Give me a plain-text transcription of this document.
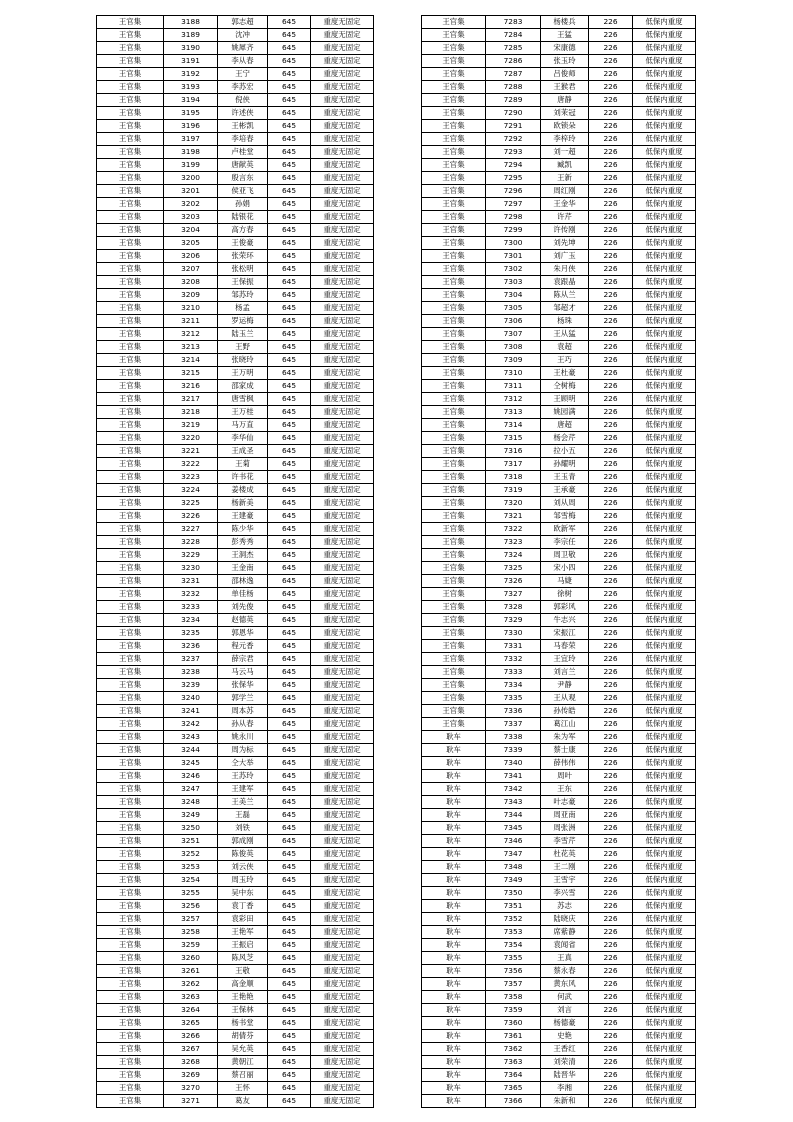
王官集	3188	郭志超	645	重度无固定
王官集	3189	沈冲	645	重度无固定
王官集	3190	姚犀齐	645	重度无固定
王官集	3191	李从春	645	重度无固定
王官集	3192	王宁	645	重度无固定
王官集	3193	李苏宏	645	重度无固定
王官集	3194	倪侠	645	重度无固定
王官集	3195	许述侠	645	重度无固定
王官集	3196	王彬凯	645	重度无固定
王官集	3197	李培春	645	重度无固定
王官集	3198	卢桂堂	645	重度无固定
王官集	3199	唐献英	645	重度无固定
王官集	3200	殷言东	645	重度无固定
王官集	3201	侯亚飞	645	重度无固定
王官集	3202	孙娟	645	重度无固定
王官集	3203	陆银花	645	重度无固定
王官集	3204	高方春	645	重度无固定
王官集	3205	王俊豪	645	重度无固定
王官集	3206	张荣环	645	重度无固定
王官集	3207	张松明	645	重度无固定
王官集	3208	王保振	645	重度无固定
王官集	3209	邹苏玲	645	重度无固定
王官集	3210	杨孟	645	重度无固定
王官集	3211	罗运梅	645	重度无固定
王官集	3212	陆玉兰	645	重度无固定
王官集	3213	王野	645	重度无固定
王官集	3214	张晓玲	645	重度无固定
王官集	3215	王万明	645	重度无固定
王官集	3216	邵家成	645	重度无固定
王官集	3217	唐雪枫	645	重度无固定
王官集	3218	王万桂	645	重度无固定
王官集	3219	马万直	645	重度无固定
王官集	3220	李华仙	645	重度无固定
王官集	3221	王成圣	645	重度无固定
王官集	3222	王菊	645	重度无固定
王官集	3223	许书花	645	重度无固定
王官集	3224	姜楼成	645	重度无固定
王官集	3225	杨新美	645	重度无固定
王官集	3226	王建豪	645	重度无固定
王官集	3227	陈少华	645	重度无固定
王官集	3228	彭秀秀	645	重度无固定
王官集	3229	王洞杰	645	重度无固定
王官集	3230	王金南	645	重度无固定
王官集	3231	邵林逸	645	重度无固定
王官集	3232	单佳杨	645	重度无固定
王官集	3233	刘先俊	645	重度无固定
王官集	3234	赵德英	645	重度无固定
王官集	3235	郭恩华	645	重度无固定
王官集	3236	程元香	645	重度无固定
王官集	3237	薛宗君	645	重度无固定
王官集	3238	马云马	645	重度无固定
王官集	3239	张保华	645	重度无固定
王官集	3240	郭学兰	645	重度无固定
王官集	3241	周本苏	645	重度无固定
王官集	3242	孙从春	645	重度无固定
王官集	3243	姚永川	645	重度无固定
王官集	3244	周为标	645	重度无固定
王官集	3245	仝大举	645	重度无固定
王官集	3246	王苏玲	645	重度无固定
王官集	3247	王建军	645	重度无固定
王官集	3248	王美兰	645	重度无固定
王官集	3249	王磊	645	重度无固定
王官集	3250	刘铁	645	重度无固定
王官集	3251	郭成刚	645	重度无固定
王官集	3252	陈俊英	645	重度无固定
王官集	3253	刘云侠	645	重度无固定
王官集	3254	周玉玲	645	重度无固定
王官集	3255	吴中东	645	重度无固定
王官集	3256	袁丁香	645	重度无固定
王官集	3257	袁彩田	645	重度无固定
王官集	3258	王艳军	645	重度无固定
王官集	3259	王振启	645	重度无固定
王官集	3260	陈风芝	645	重度无固定
王官集	3261	王敬	645	重度无固定
王官集	3262	高金顺	645	重度无固定
王官集	3263	王艳艳	645	重度无固定
王官集	3264	王保林	645	重度无固定
王官集	3265	杨书堂	645	重度无固定
王官集	3266	胡倩芬	645	重度无固定
王官集	3267	吴允英	645	重度无固定
王官集	3268	黄朝江	645	重度无固定
王官集	3269	蔡召丽	645	重度无固定
王官集	3270	王怀	645	重度无固定
王官集	3271	葛友	645	重度无固定
王官集	7283	杨楼兵	226	低保内重度
王官集	7284	王猛	226	低保内重度
王官集	7285	宋康德	226	低保内重度
王官集	7286	张玉玲	226	低保内重度
王官集	7287	吕俊师	226	低保内重度
王官集	7288	王猴君	226	低保内重度
王官集	7289	唐静	226	低保内重度
王官集	7290	刘茉冠	226	低保内重度
王官集	7291	欧锁朵	226	低保内重度
王官集	7292	李梓玲	226	低保内重度
王官集	7293	刘一超	226	低保内重度
王官集	7294	臧凯	226	低保内重度
王官集	7295	王新	226	低保内重度
王官集	7296	周红刚	226	低保内重度
王官集	7297	王金华	226	低保内重度
王官集	7298	许芹	226	低保内重度
王官集	7299	许传刚	226	低保内重度
王官集	7300	刘先坤	226	低保内重度
王官集	7301	刘广玉	226	低保内重度
王官集	7302	朱月侠	226	低保内重度
王官集	7303	袁跟晶	226	低保内重度
王官集	7304	陈从兰	226	低保内重度
王官集	7305	邹超才	226	低保内重度
王官集	7306	杨珠	226	低保内重度
王官集	7307	王从猛	226	低保内重度
王官集	7308	袁超	226	低保内重度
王官集	7309	王巧	226	低保内重度
王官集	7310	王杜豪	226	低保内重度
王官集	7311	仝树梅	226	低保内重度
王官集	7312	王顾明	226	低保内重度
王官集	7313	姚园满	226	低保内重度
王官集	7314	唐超	226	低保内重度
王官集	7315	杨会芹	226	低保内重度
王官集	7316	拉小五	226	低保内重度
王官集	7317	孙耀明	226	低保内重度
王官集	7318	王玉青	226	低保内重度
王官集	7319	王承豪	226	低保内重度
王官集	7320	刘从周	226	低保内重度
王官集	7321	邹雪梅	226	低保内重度
王官集	7322	欧新军	226	低保内重度
王官集	7323	李宗任	226	低保内重度
王官集	7324	周卫敬	226	低保内重度
王官集	7325	宋小四	226	低保内重度
王官集	7326	马婕	226	低保内重度
王官集	7327	徐树	226	低保内重度
王官集	7328	郭彩风	226	低保内重度
王官集	7329	牛志兴	226	低保内重度
王官集	7330	宋振江	226	低保内重度
王官集	7331	马春荣	226	低保内重度
王官集	7332	王宜玲	226	低保内重度
王官集	7333	刘言兰	226	低保内重度
王官集	7334	尹静	226	低保内重度
王官集	7335	王从观	226	低保内重度
王官集	7336	孙传皓	226	低保内重度
王官集	7337	葛江山	226	低保内重度
耿车	7338	朱为军	226	低保内重度
耿车	7339	蔡士康	226	低保内重度
耿车	7340	薛伟伟	226	低保内重度
耿车	7341	周叶	226	低保内重度
耿车	7342	王东	226	低保内重度
耿车	7343	叶志豪	226	低保内重度
耿车	7344	周亚南	226	低保内重度
耿车	7345	周张洲	226	低保内重度
耿车	7346	李雪芹	226	低保内重度
耿车	7347	杜花英	226	低保内重度
耿车	7348	王二刚	226	低保内重度
耿车	7349	王雪宇	226	低保内重度
耿车	7350	李兴雪	226	低保内重度
耿车	7351	苏志	226	低保内重度
耿车	7352	陆晓庆	226	低保内重度
耿车	7353	席紫静	226	低保内重度
耿车	7354	袁闻省	226	低保内重度
耿车	7355	王真	226	低保内重度
耿车	7356	蔡永春	226	低保内重度
耿车	7357	黄东风	226	低保内重度
耿车	7358	何武	226	低保内重度
耿车	7359	刘言	226	低保内重度
耿车	7360	杨德豪	226	低保内重度
耿车	7361	史艳	226	低保内重度
耿车	7362	王香红	226	低保内重度
耿车	7363	刘荣清	226	低保内重度
耿车	7364	陆晋华	226	低保内重度
耿车	7365	李湘	226	低保内重度
耿车	7366	朱新和	226	低保内重度
